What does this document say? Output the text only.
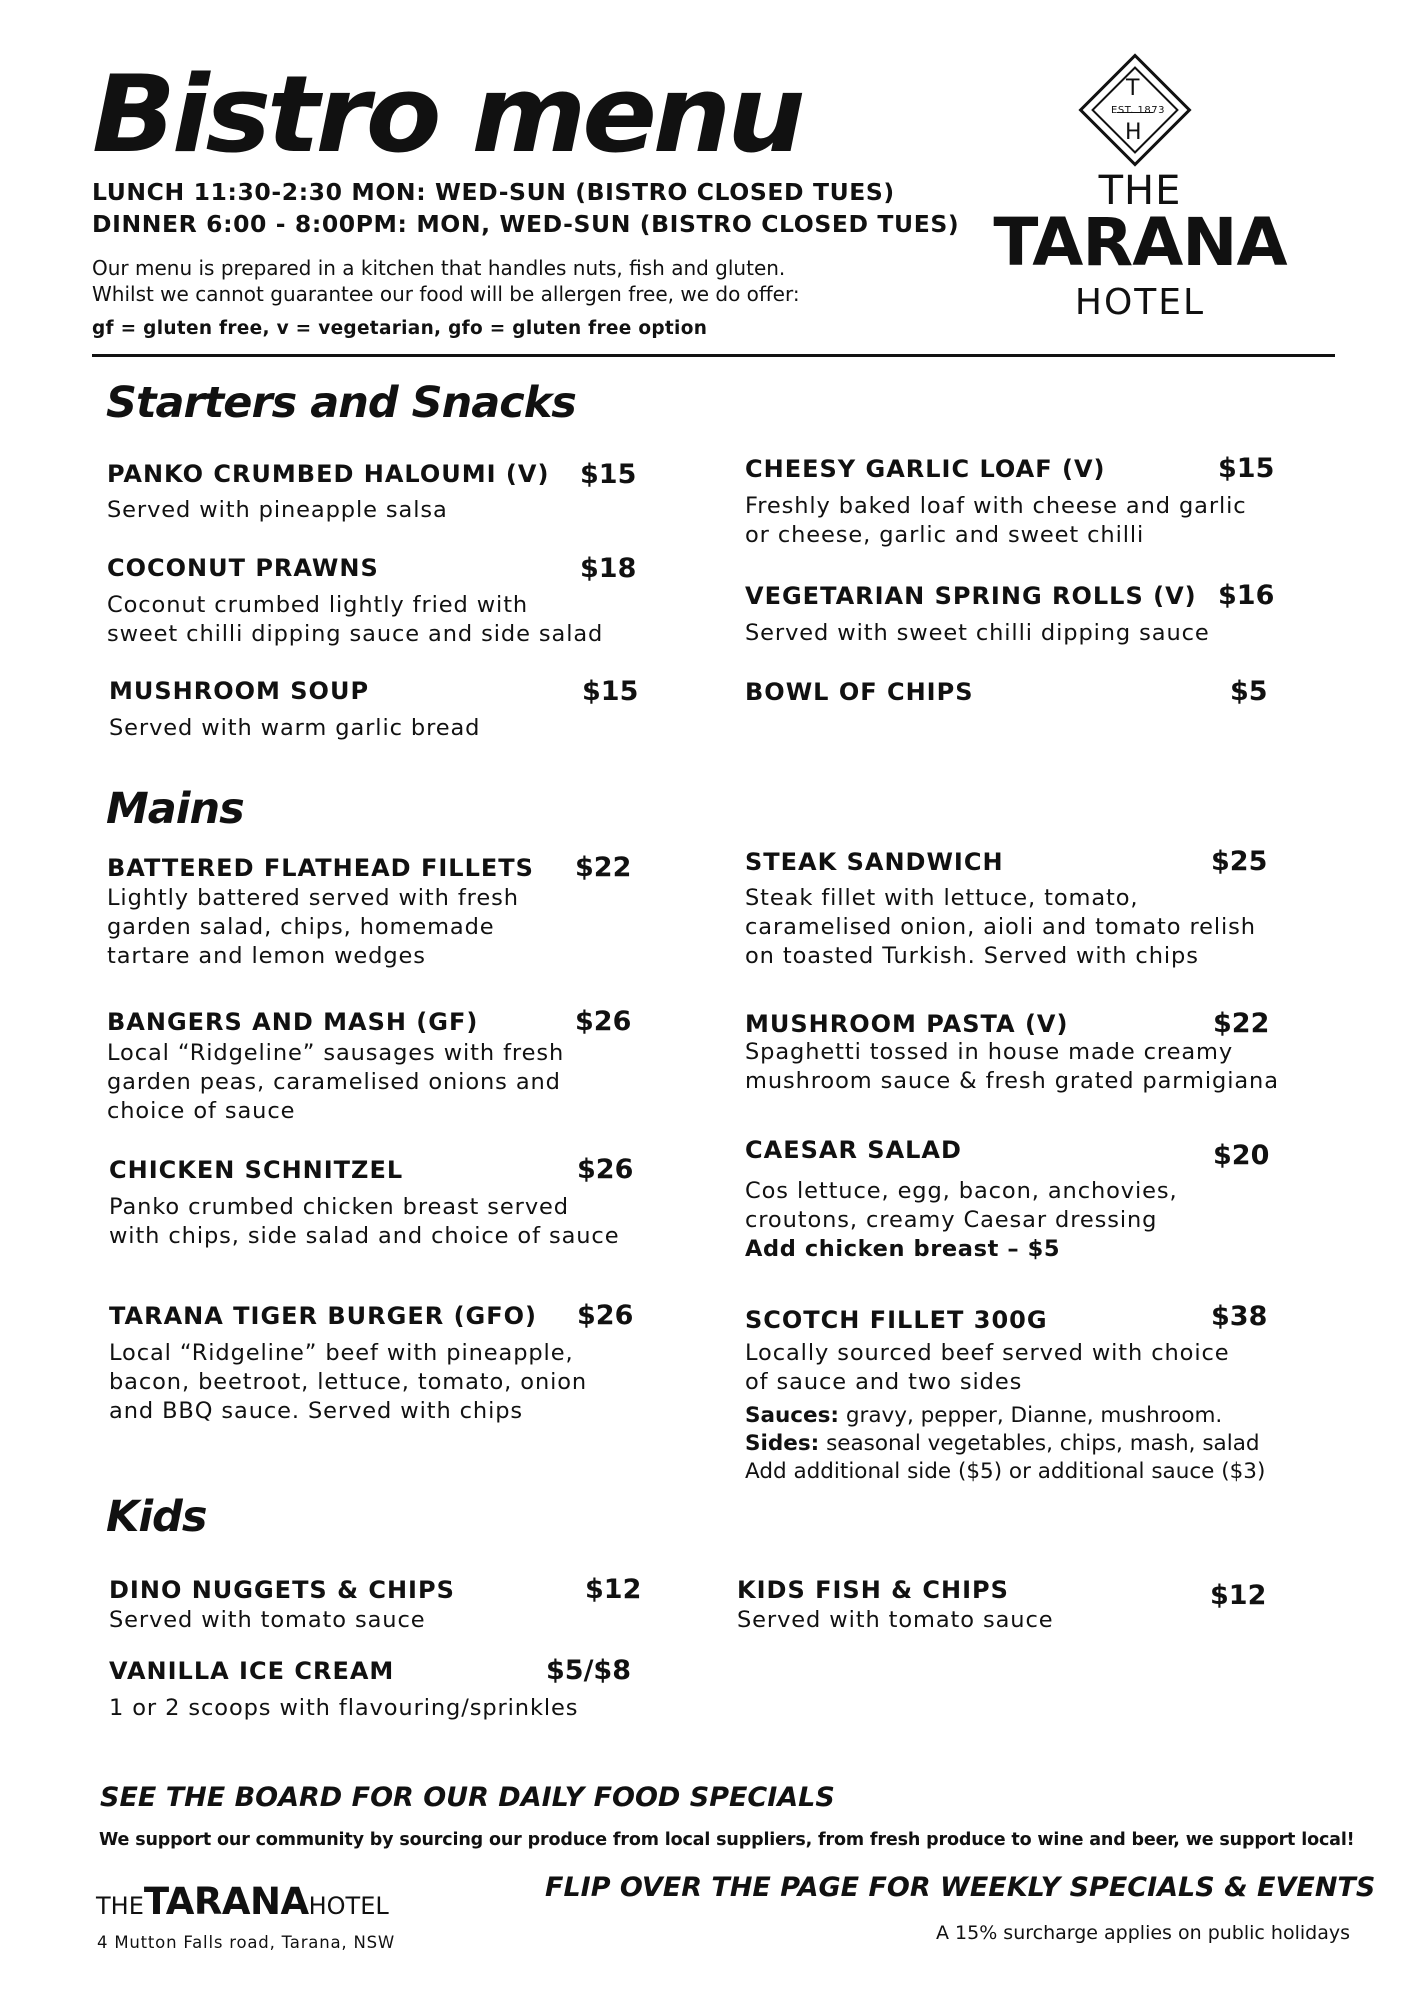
Bistro menu
LUNCH 11:30-2:30 MON: WED-SUN (BISTRO CLOSED TUES)
DINNER 6:00 - 8:00PM: MON, WED-SUN (BISTRO CLOSED TUES)
Our menu is prepared in a kitchen that handles nuts, fish and gluten.
Whilst we cannot guarantee our food will be allergen free, we do offer:
gf = gluten free, v = vegetarian, gfo = gluten free option
T
EST. 1873
H
THE
TARANA
HOTEL
Starters and Snacks
PANKO CRUMBED HALOUMI (V) $15
Served with pineapple salsa
COCONUT PRAWNS	$18
Coconut crumbed lightly fried with
sweet chilli dipping sauce and side salad
MUSHROOM SOUP	$15
Served with warm garlic bread
CHEESY GARLIC LOAF (V)	$15
Freshly baked loaf with cheese and garlic
or cheese, garlic and sweet chilli
VEGETARIAN SPRING ROLLS (V) $16
Served with sweet chilli dipping sauce
BOWL OF CHIPS	$5
Mains
BATTERED FLATHEAD FILLETS $22
Lightly battered served with fresh
garden salad, chips, homemade
tartare and lemon wedges
BANGERS AND MASH (GF)	$26
Local “Ridgeline” sausages with fresh
garden peas, caramelised onions and
choice of sauce
CHICKEN SCHNITZEL	$26
Panko crumbed chicken breast served
with chips, side salad and choice of sauce
TARANA TIGER BURGER (GFO) $26
Local “Ridgeline” beef with pineapple,
bacon, beetroot, lettuce, tomato, onion
and BBQ sauce. Served with chips
STEAK SANDWICH	$25
Steak fillet with lettuce, tomato,
caramelised onion, aioli and tomato relish
on toasted Turkish. Served with chips
MUSHROOM PASTA (V)	$22
Spaghetti tossed in house made creamy
mushroom sauce & fresh grated parmigiana
CAESAR SALAD	$20
Cos lettuce, egg, bacon, anchovies,
croutons, creamy Caesar dressing
Add chicken breast – $5
SCOTCH FILLET 300G	$38
Locally sourced beef served with choice
of sauce and two sides
Sauces: gravy, pepper, Dianne, mushroom.
Sides: seasonal vegetables, chips, mash, salad
Add additional side ($5) or additional sauce ($3)
Kids
DINO NUGGETS & CHIPS	$12
Served with tomato sauce
VANILLA ICE CREAM	$5/$8
1 or 2 scoops with flavouring/sprinkles
KIDS FISH & CHIPS	$12
Served with tomato sauce
SEE THE BOARD FOR OUR DAILY FOOD SPECIALS
We support our community by sourcing our produce from local suppliers, from fresh produce to wine and beer, we support local!
THETARANAHOTEL
4 Mutton Falls road, Tarana, NSW
FLIP OVER THE PAGE FOR WEEKLY SPECIALS & EVENTS
A 15% surcharge applies on public holidays
